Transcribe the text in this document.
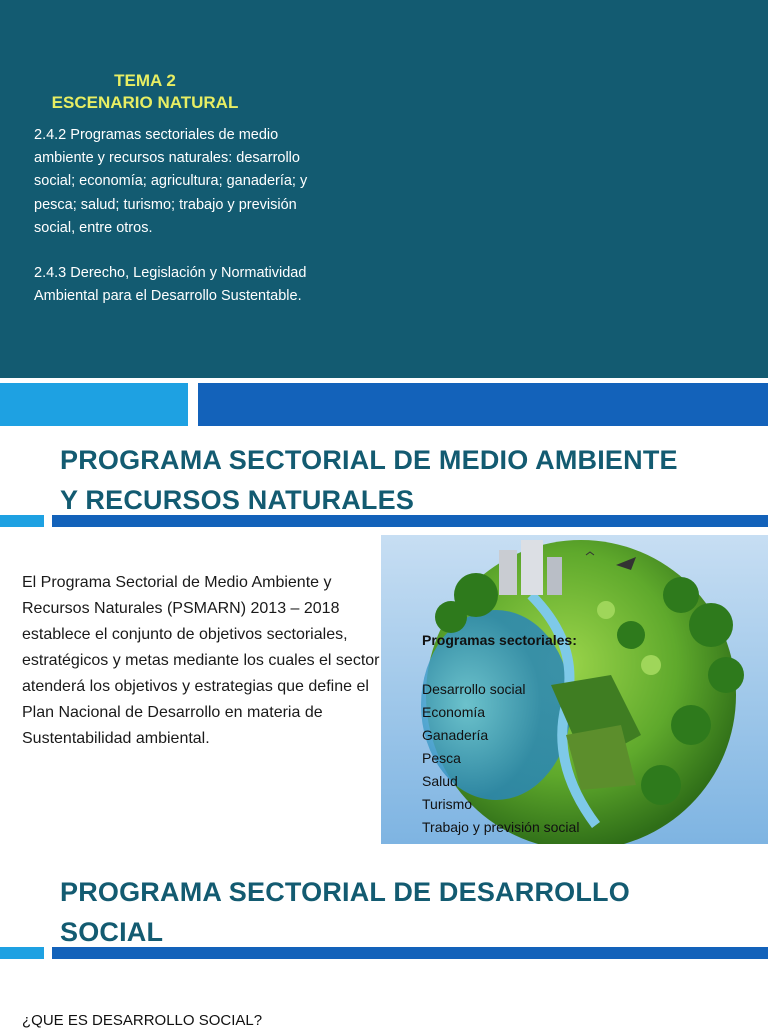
TEMA 2
ESCENARIO NATURAL

2.4.2 Programas sectoriales de medio ambiente y recursos naturales: desarrollo social; economía; agricultura; ganadería; y pesca; salud; turismo; trabajo y previsión social, entre otros.

2.4.3 Derecho, Legislación y Normatividad Ambiental para el Desarrollo Sustentable.

PROGRAMA SECTORIAL DE MEDIO AMBIENTE
Y RECURSOS NATURALES
El Programa Sectorial de Medio Ambiente y Recursos Naturales (PSMARN) 2013 – 2018 establece el conjunto de objetivos sectoriales, estratégicos y metas mediante los cuales el sector atenderá los objetivos y estrategias que define el Plan Nacional de Desarrollo en materia de Sustentabilidad ambiental.
Programas sectoriales:
Desarrollo social
Economía
Ganadería
Pesca
Salud
Turismo
Trabajo y previsión social
PROGRAMA SECTORIAL DE DESARROLLO
SOCIAL
¿QUE ES DESARROLLO SOCIAL?
